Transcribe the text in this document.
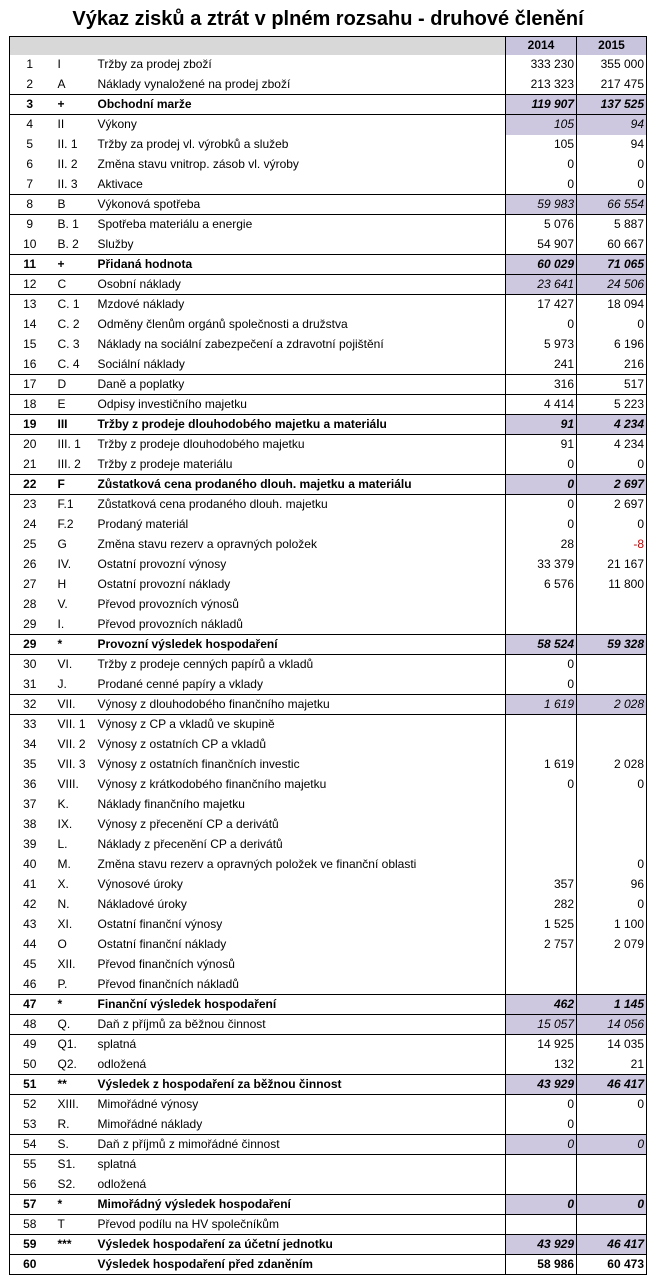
Výkaz zisků a ztrát v plném rozsahu - druhové členění
			2014	2015
1	I	Tržby za prodej zboží	333 230	355 000
2	A	Náklady vynaložené na prodej zboží	213 323	217 475
3	+	Obchodní marže	119 907	137 525
4	II	Výkony	105	94
5	II. 1	Tržby za prodej vl. výrobků a služeb	105	94
6	II. 2	Změna stavu vnitrop. zásob vl. výroby	0	0
7	II. 3	Aktivace	0	0
8	B	Výkonová spotřeba	59 983	66 554
9	B. 1	Spotřeba materiálu a energie	5 076	5 887
10	B. 2	Služby	54 907	60 667
11	+	Přidaná hodnota	60 029	71 065
12	C	Osobní náklady	23 641	24 506
13	C. 1	Mzdové náklady	17 427	18 094
14	C. 2	Odměny členům orgánů společnosti a družstva	0	0
15	C. 3	Náklady na sociální zabezpečení a zdravotní pojištění	5 973	6 196
16	C. 4	Sociální náklady	241	216
17	D	Daně a poplatky	316	517
18	E	Odpisy investičního majetku	4 414	5 223
19	III	Tržby z prodeje dlouhodobého majetku a materiálu	91	4 234
20	III. 1	Tržby z prodeje dlouhodobého majetku	91	4 234
21	III. 2	Tržby z prodeje materiálu	0	0
22	F	Zůstatková cena prodaného dlouh. majetku a materiálu	0	2 697
23	F.1	Zůstatková cena prodaného dlouh. majetku	0	2 697
24	F.2	Prodaný materiál	0	0
25	G	Změna stavu rezerv a opravných položek	28	-8
26	IV.	Ostatní provozní výnosy	33 379	21 167
27	H	Ostatní provozní náklady	6 576	11 800
28	V.	Převod provozních výnosů		
29	I.	Převod provozních nákladů		
29	*	Provozní výsledek hospodaření	58 524	59 328
30	VI.	Tržby z prodeje cenných papírů a vkladů	0	
31	J.	Prodané cenné papíry a vklady	0	
32	VII.	Výnosy z dlouhodobého finančního majetku	1 619	2 028
33	VII. 1	Výnosy z CP a vkladů ve skupině		
34	VII. 2	Výnosy z ostatních CP a vkladů		
35	VII. 3	Výnosy z ostatních finančních investic	1 619	2 028
36	VIII.	Výnosy z krátkodobého finančního majetku	0	0
37	K.	Náklady finančního majetku		
38	IX.	Výnosy z přecenění CP a derivátů		
39	L.	Náklady z přecenění CP a derivátů		
40	M.	Změna stavu rezerv a opravných položek ve finanční oblasti		0
41	X.	Výnosové úroky	357	96
42	N.	Nákladové úroky	282	0
43	XI.	Ostatní finanční výnosy	1 525	1 100
44	O	Ostatní finanční náklady	2 757	2 079
45	XII.	Převod finančních výnosů		
46	P.	Převod finančních nákladů		
47	*	Finanční výsledek hospodaření	462	1 145
48	Q.	Daň z příjmů za běžnou činnost	15 057	14 056
49	Q1.	splatná	14 925	14 035
50	Q2.	odložená	132	21
51	**	Výsledek z hospodaření za běžnou činnost	43 929	46 417
52	XIII.	Mimořádné výnosy	0	0
53	R.	Mimořádné náklady	0	
54	S.	Daň z příjmů z mimořádné činnost	0	0
55	S1.	splatná		
56	S2.	odložená		
57	*	Mimořádný výsledek hospodaření	0	0
58	T	Převod podílu na HV společníkům		
59	***	Výsledek hospodaření za účetní jednotku	43 929	46 417
60		Výsledek hospodaření před zdaněním	58 986	60 473
